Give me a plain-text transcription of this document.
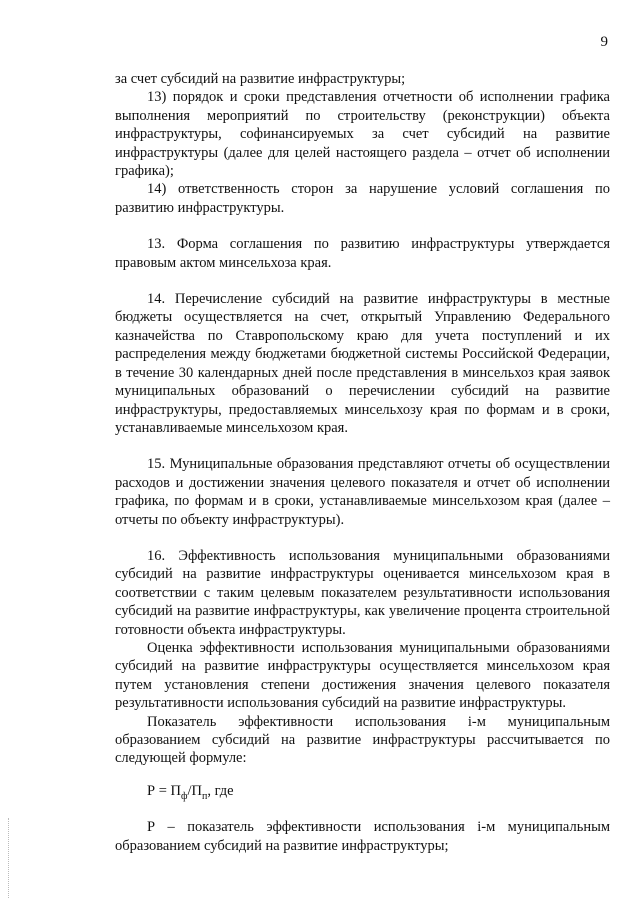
9

за счет субсидий на развитие инфраструктуры;

13) порядок и сроки представления отчетности об исполнении графика выполнения мероприятий по строительству (реконструкции) объекта инфраструктуры, софинансируемых за счет субсидий на развитие инфраструктуры (далее для целей настоящего раздела – отчет об исполнении графика);

14) ответственность сторон за нарушение условий соглашения по развитию инфраструктуры.

13. Форма соглашения по развитию инфраструктуры утверждается правовым актом минсельхоза края.

14. Перечисление субсидий на развитие инфраструктуры в местные бюджеты осуществляется на счет, открытый Управлению Федерального казначейства по Ставропольскому краю для учета поступлений и их распределения между бюджетами бюджетной системы Российской Федерации, в течение 30 календарных дней после представления в минсельхоз края заявок муниципальных образований о перечислении субсидий на развитие инфраструктуры, предоставляемых минсельхозу края по формам и в сроки, устанавливаемые минсельхозом края.

15. Муниципальные образования представляют отчеты об осуществлении расходов и достижении значения целевого показателя и отчет об исполнении графика, по формам и в сроки, устанавливаемые минсельхозом края (далее – отчеты по объекту инфраструктуры).

16. Эффективность использования муниципальными образованиями субсидий на развитие инфраструктуры оценивается минсельхозом края в соответствии с таким целевым показателем результативности использования субсидий на развитие инфраструктуры, как увеличение процента строительной готовности объекта инфраструктуры.

Оценка эффективности использования муниципальными образованиями субсидий на развитие инфраструктуры осуществляется минсельхозом края путем установления степени достижения значения целевого показателя результативности использования субсидий на развитие инфраструктуры.

Показатель эффективности использования i-м муниципальным образованием субсидий на развитие инфраструктуры рассчитывается по следующей формуле:

$Р = П_ф/П_п$, где

Р – показатель эффективности использования i-м муниципальным образованием субсидий на развитие инфраструктуры;
